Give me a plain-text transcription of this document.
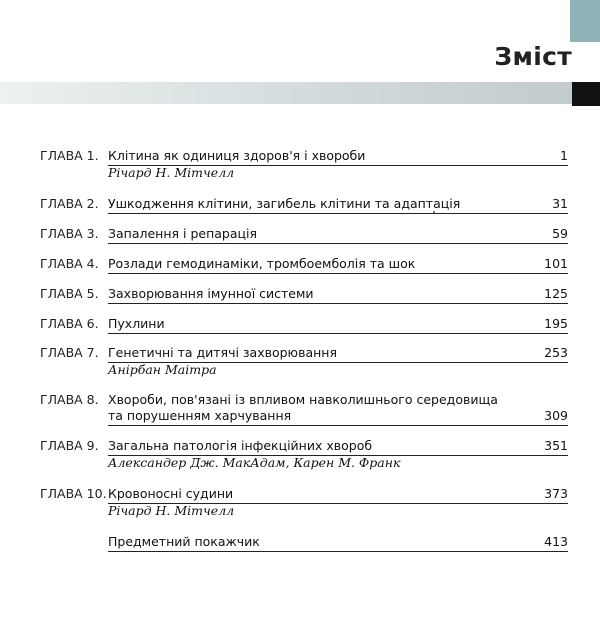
Зміст
ГЛАВА 1. Клітина як одиниця здоров'я і хвороби	1
Річард Н. Мітчелл
ГЛАВА 2. Ушкодження клітини, загибель клітини та адаптація	31
ГЛАВА 3. Запалення і репарація	59
ГЛАВА 4. Розлади гемодинаміки, тромбоемболія та шок	101
ГЛАВА 5. Захворювання імунної системи	125
ГЛАВА 6. Пухлини	195
ГЛАВА 7. Генетичні та дитячі захворювання	253
Анірбан Маітра
ГЛАВА 8. Хвороби, пов'язані із впливом навколишнього середовища
та порушенням харчування	309
ГЛАВА 9. Загальна патологія інфекційних хвороб	351
Александер Дж. МакАдам, Карен М. Франк
ГЛАВА 10. Кровоносні судини	373
Річард Н. Мітчелл
Предметний покажчик	413
